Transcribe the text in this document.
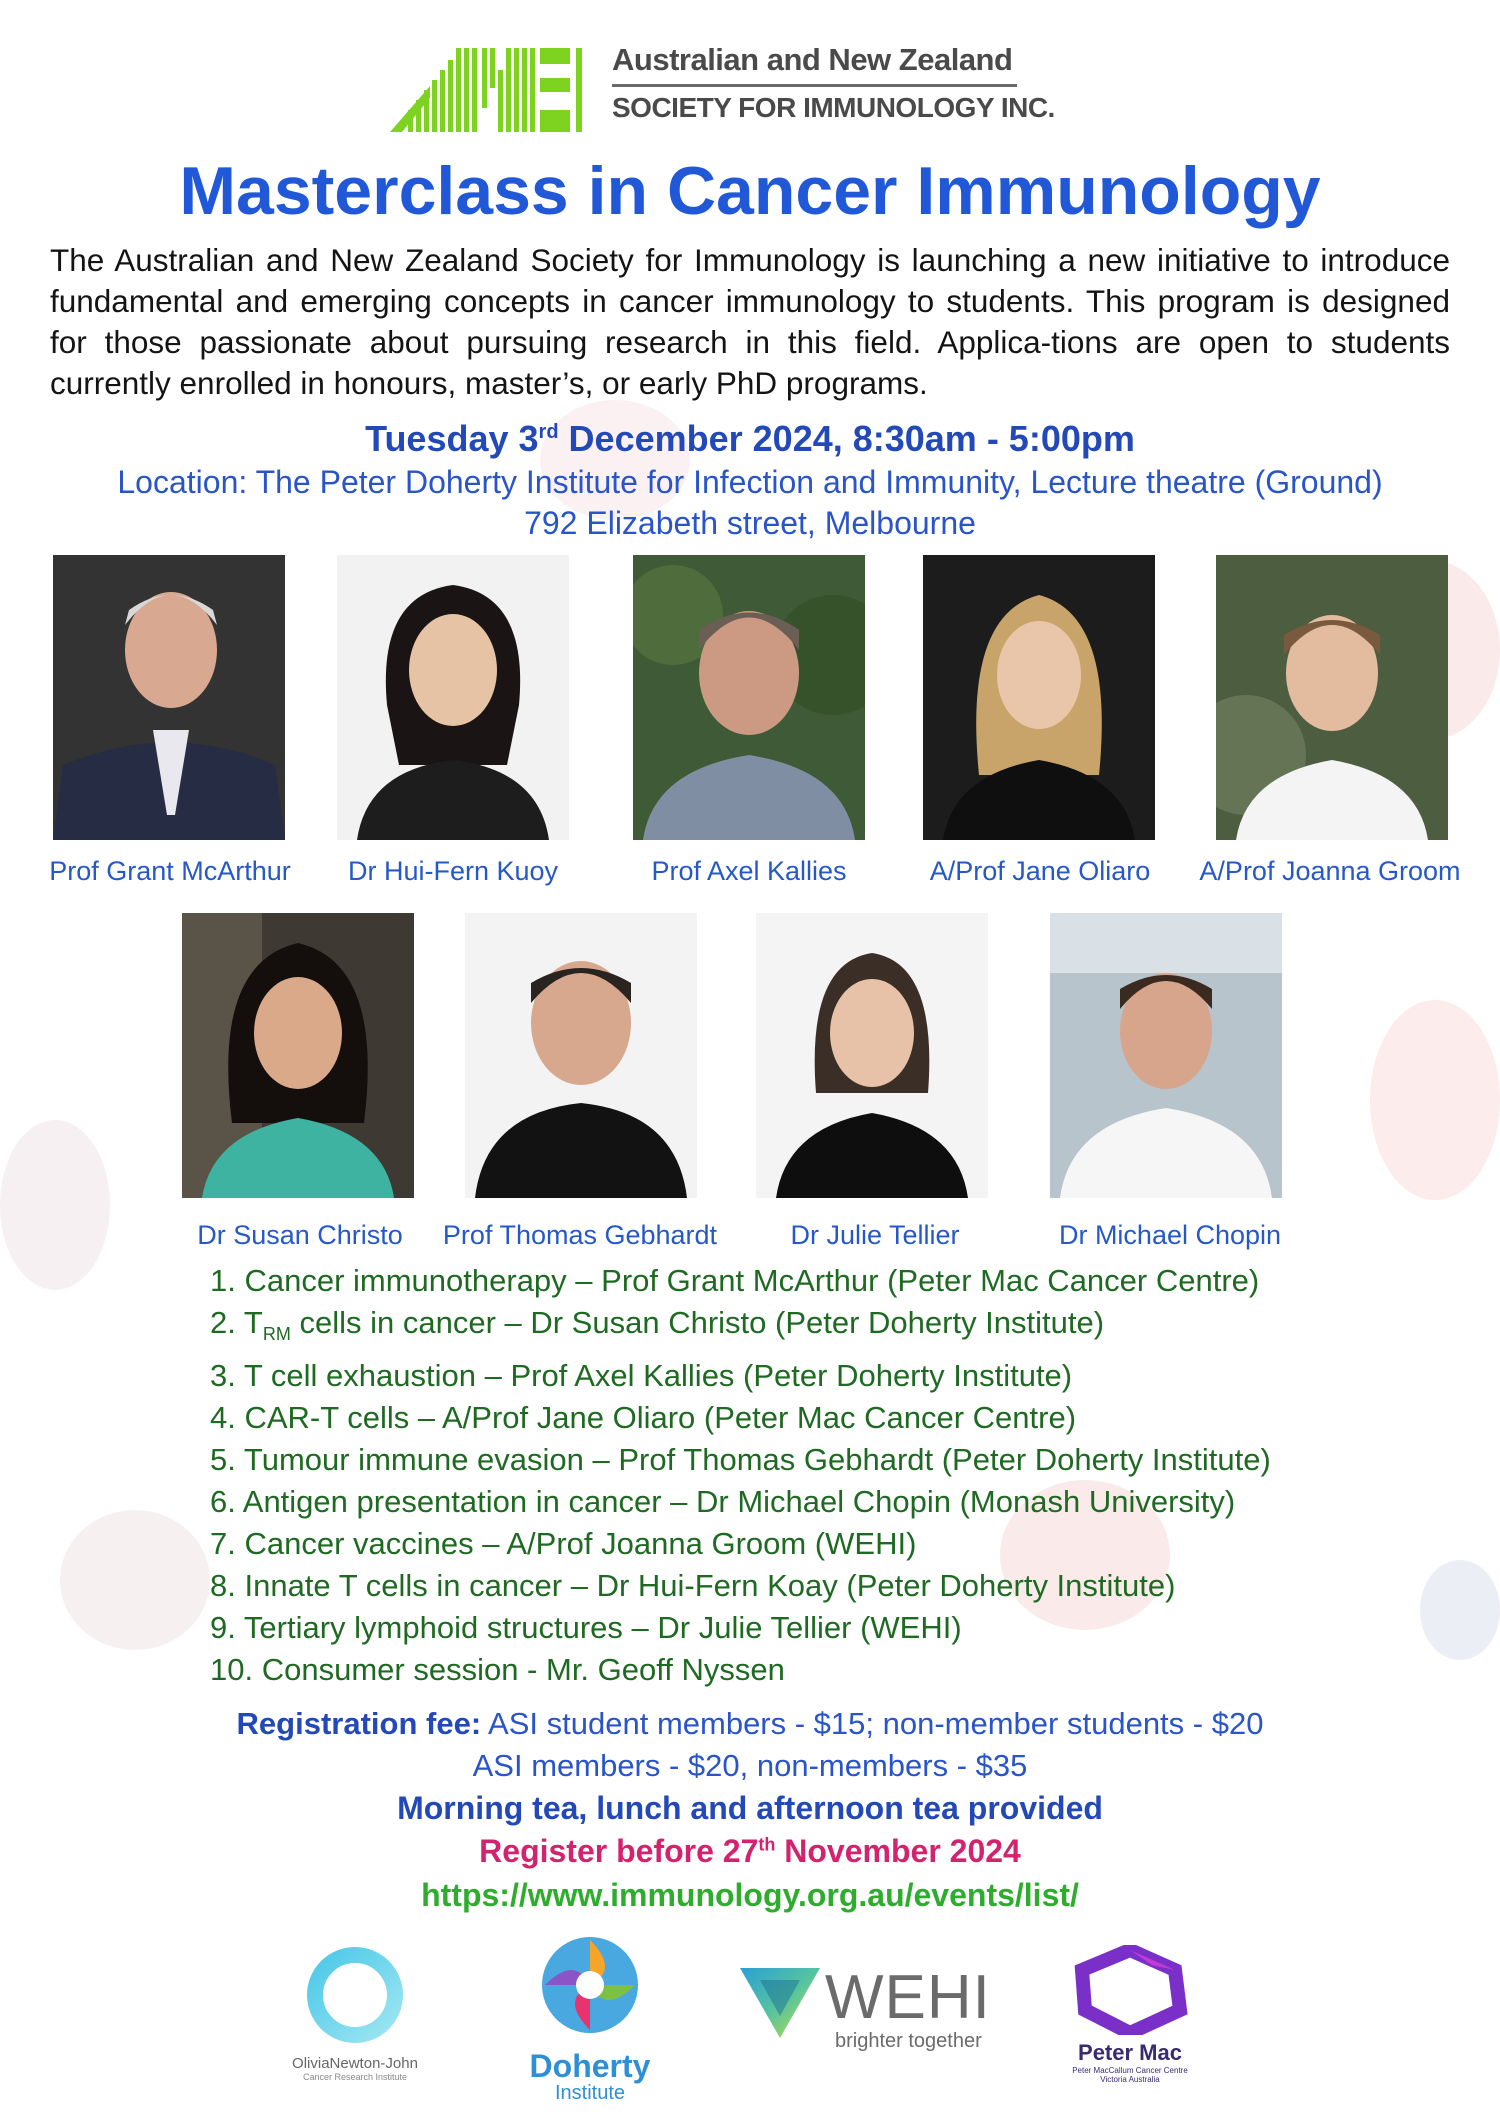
Australian and New Zealand
SOCIETY FOR IMMUNOLOGY INC.
Masterclass in Cancer Immunology
The Australian and New Zealand Society for Immunology is launching a new initiative to introduce fundamental and emerging concepts in cancer immunology to students. This program is designed for those passionate about pursuing research in this field. Applica-tions are open to students currently enrolled in honours, master’s, or early PhD programs.
Tuesday 3rd December 2024, 8:30am - 5:00pm
Location: The Peter Doherty Institute for Infection and Immunity, Lecture theatre (Ground)
792 Elizabeth street, Melbourne
Prof Grant McArthur	Dr Hui-Fern Kuoy	Prof Axel Kallies	A/Prof Jane Oliaro	A/Prof Joanna Groom
Dr Susan Christo	Prof Thomas Gebhardt	Dr Julie Tellier	Dr Michael Chopin
1. Cancer immunotherapy – Prof Grant McArthur (Peter Mac Cancer Centre)
2. $T_{RM}$ cells in cancer – Dr Susan Christo (Peter Doherty Institute)
3. T cell exhaustion – Prof Axel Kallies (Peter Doherty Institute)
4. CAR-T cells – A/Prof Jane Oliaro (Peter Mac Cancer Centre)
5. Tumour immune evasion – Prof Thomas Gebhardt (Peter Doherty Institute)
6. Antigen presentation in cancer – Dr Michael Chopin (Monash University)
7. Cancer vaccines – A/Prof Joanna Groom (WEHI)
8. Innate T cells in cancer – Dr Hui-Fern Koay (Peter Doherty Institute)
9. Tertiary lymphoid structures – Dr Julie Tellier (WEHI)
10. Consumer session - Mr. Geoff Nyssen
Registration fee: ASI student members - $15; non-member students - $20
ASI members - $20, non-members - $35
Morning tea, lunch and afternoon tea provided
Register before 27th November 2024
https://www.immunology.org.au/events/list/
OliviaNewton-John
Cancer Research Institute	Doherty
Institute
WEHI
brighter together	Peter Mac
Peter MacCallum Cancer Centre
Victoria Australia
